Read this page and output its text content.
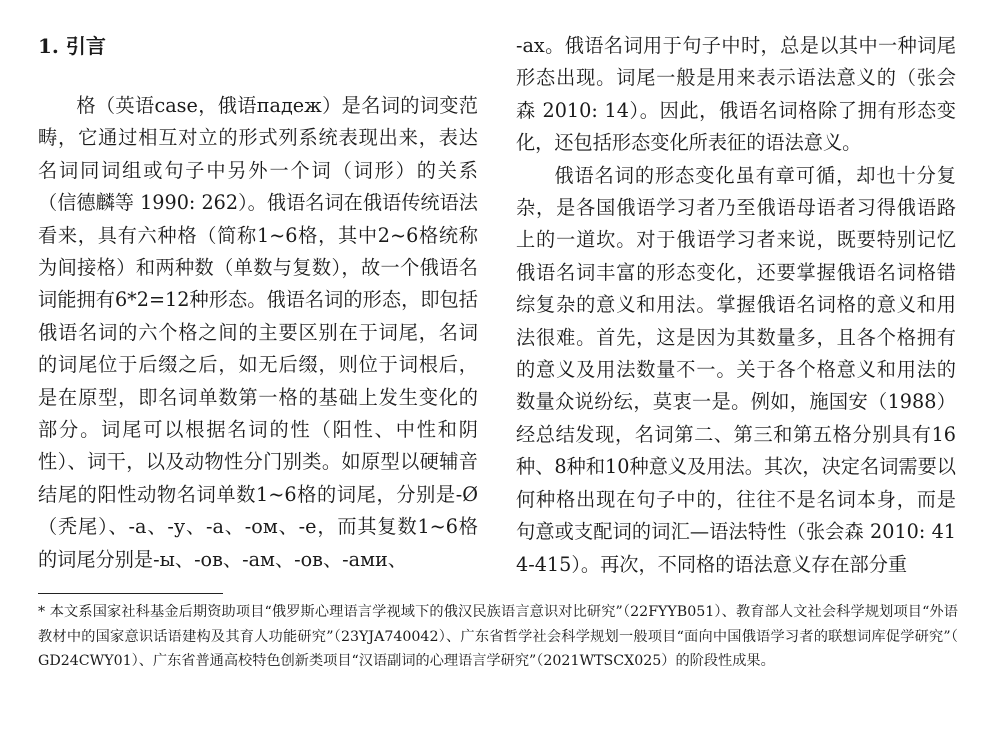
1. 引言

格（英语case，俄语падеж）是名词的词变范畴，它通过相互对立的形式列系统表现出来，表达名词同词组或句子中另外一个词（词形）的关系（信德麟等 1990: 262）。俄语名词在俄语传统语法看来，具有六种格（简称1~6格，其中2~6格统称为间接格）和两种数（单数与复数），故一个俄语名词能拥有6*2=12种形态。俄语名词的形态，即包括俄语名词的六个格之间的主要区别在于词尾，名词的词尾位于后缀之后，如无后缀，则位于词根后，是在原型，即名词单数第一格的基础上发生变化的部分。词尾可以根据名词的性（阳性、中性和阴性）、词干，以及动物性分门别类。如原型以硬辅音结尾的阳性动物名词单数1~6格的词尾，分别是-Ø（秃尾）、-а、-у、-а、-ом、-е，而其复数1~6格的词尾分别是-ы、-ов、-ам、-ов、-ами、

-ах。俄语名词用于句子中时，总是以其中一种词尾形态出现。词尾一般是用来表示语法意义的（张会森 2010: 14）。因此，俄语名词格除了拥有形态变化，还包括形态变化所表征的语法意义。

俄语名词的形态变化虽有章可循，却也十分复杂，是各国俄语学习者乃至俄语母语者习得俄语路上的一道坎。对于俄语学习者来说，既要特别记忆俄语名词丰富的形态变化，还要掌握俄语名词格错综复杂的意义和用法。掌握俄语名词格的意义和用法很难。首先，这是因为其数量多，且各个格拥有的意义及用法数量不一。关于各个格意义和用法的数量众说纷纭，莫衷一是。例如，施国安（1988）经总结发现，名词第二、第三和第五格分别具有16种、8种和10种意义及用法。其次，决定名词需要以何种格出现在句子中的，往往不是名词本身，而是句意或支配词的词汇—语法特性（张会森 2010: 414-415）。再次，不同格的语法意义存在部分重

* 本文系国家社科基金后期资助项目“俄罗斯心理语言学视域下的俄汉民族语言意识对比研究”（22FYYB051）、教育部人文社会科学规划项目“外语教材中的国家意识话语建构及其育人功能研究”（23YJA740042）、广东省哲学社会科学规划一般项目“面向中国俄语学习者的联想词库促学研究”（ GD24CWY01）、广东省普通高校特色创新类项目“汉语副词的心理语言学研究”（2021WTSCX025）的阶段性成果。
